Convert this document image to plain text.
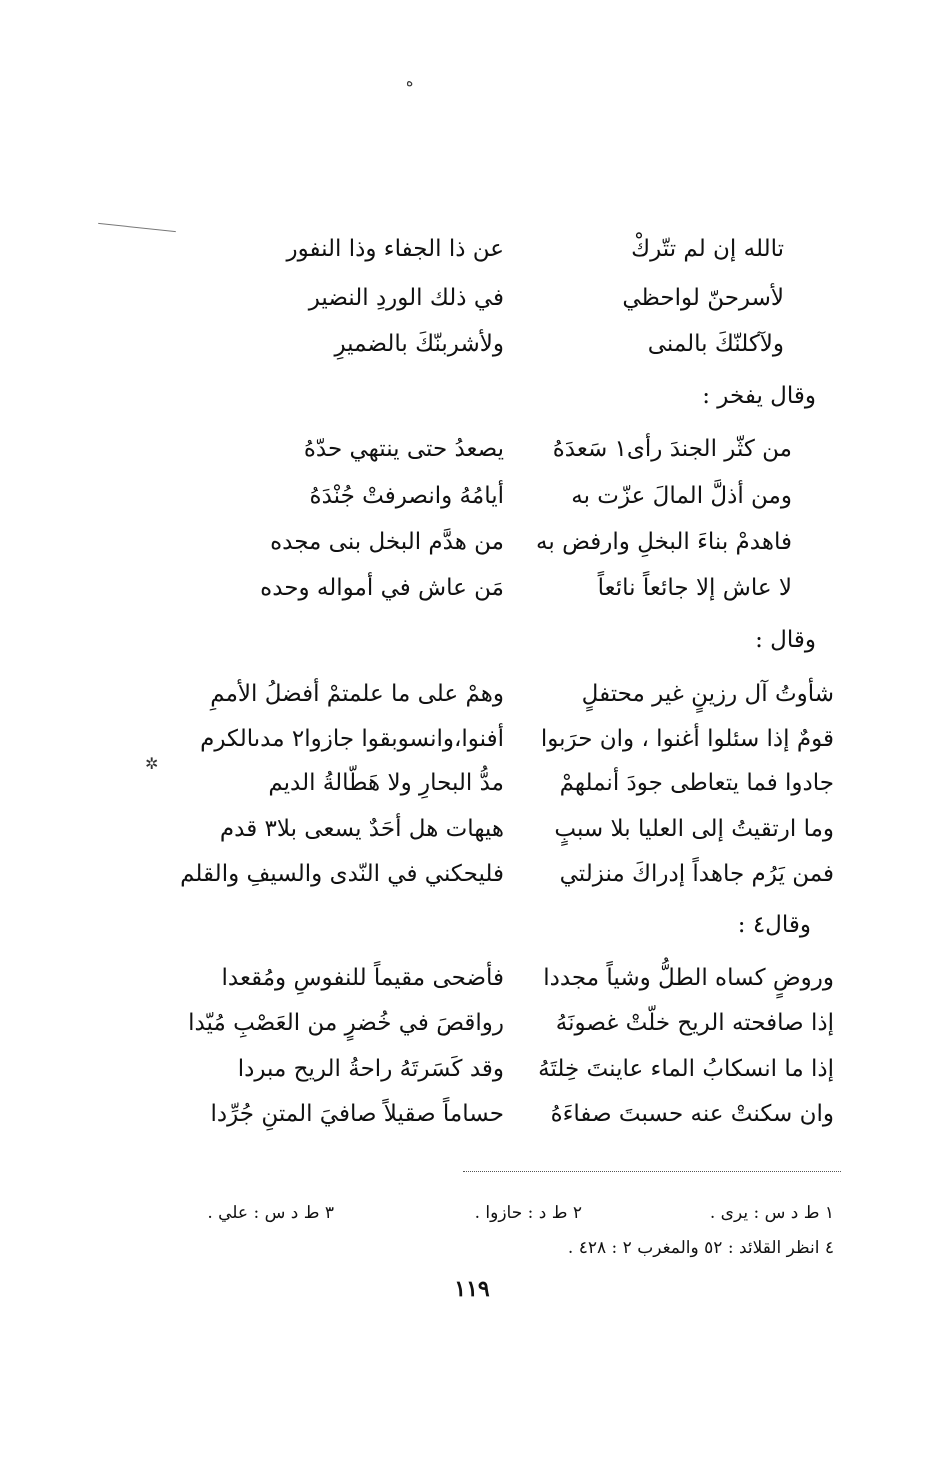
ه
تالله إن لم تتّركْ
عن ذا الجفاء وذا النفور
لأسرحنّ لواحظي
في ذلك الوردِ النضير
ولآكلنّكَ بالمنى
ولأشربنّكَ بالضميرِ
وقال يفخر :
من كثّر الجندَ رأى١ سَعدَهُ
يصعدُ حتى ينتهي حدّهُ
ومن أذلَّ المالَ عزّت به
أيامُهُ وانصرفتْ جُنْدَهُ
فاهدمْ بناءَ البخلِ وارفض به
من هدَّم البخل بنى مجده
لا عاش إلا جائعاً نائعاً
مَن عاش في أمواله وحده
وقال :
شأوتُ آل رزينٍ غير محتفلٍ
وهمْ على ما علمتمْ أفضلُ الأممِ
قومٌ إذا سئلوا أغنوا ، وان حرَبوا
أفنوا،وانسوبقوا جازوا٢ مدىالكرم
جادوا فما يتعاطى جودَ أنملهمْ
مدُّ البحارِ ولا هَطّالةُ الديم
وما ارتقيتُ إلى العليا بلا سببٍ
هيهات هل أحَدٌ يسعى بلا٣ قدم
فمن يَرُم جاهداً إدراكَ منزلتي
فليحكني في النّدى والسيفِ والقلم
✲
وقال٤ :
وروضٍ كساه الطلُّ وشياً مجددا
فأضحى مقيماً للنفوسِ ومُقعدا
إذا صافحته الريح خلّتْ غصونَهُ
رواقصَ في خُضرٍ من العَصْبِ مُيّدا
إذا ما انسكابُ الماء عاينتَ خِلتَهُ
وقد كَسَرتَهُ راحةُ الريح مبردا
وان سكنتْ عنه حسبتَ صفاءَهُ
حساماً صقيلاً صافيَ المتنِ جُرِّدا
١ ط د س : يرى .
٢ ط د : حازوا .
٣ ط د س : علي .
٤ انظر القلائد : ٥٢ والمغرب ٢ : ٤٢٨ .
١١٩
